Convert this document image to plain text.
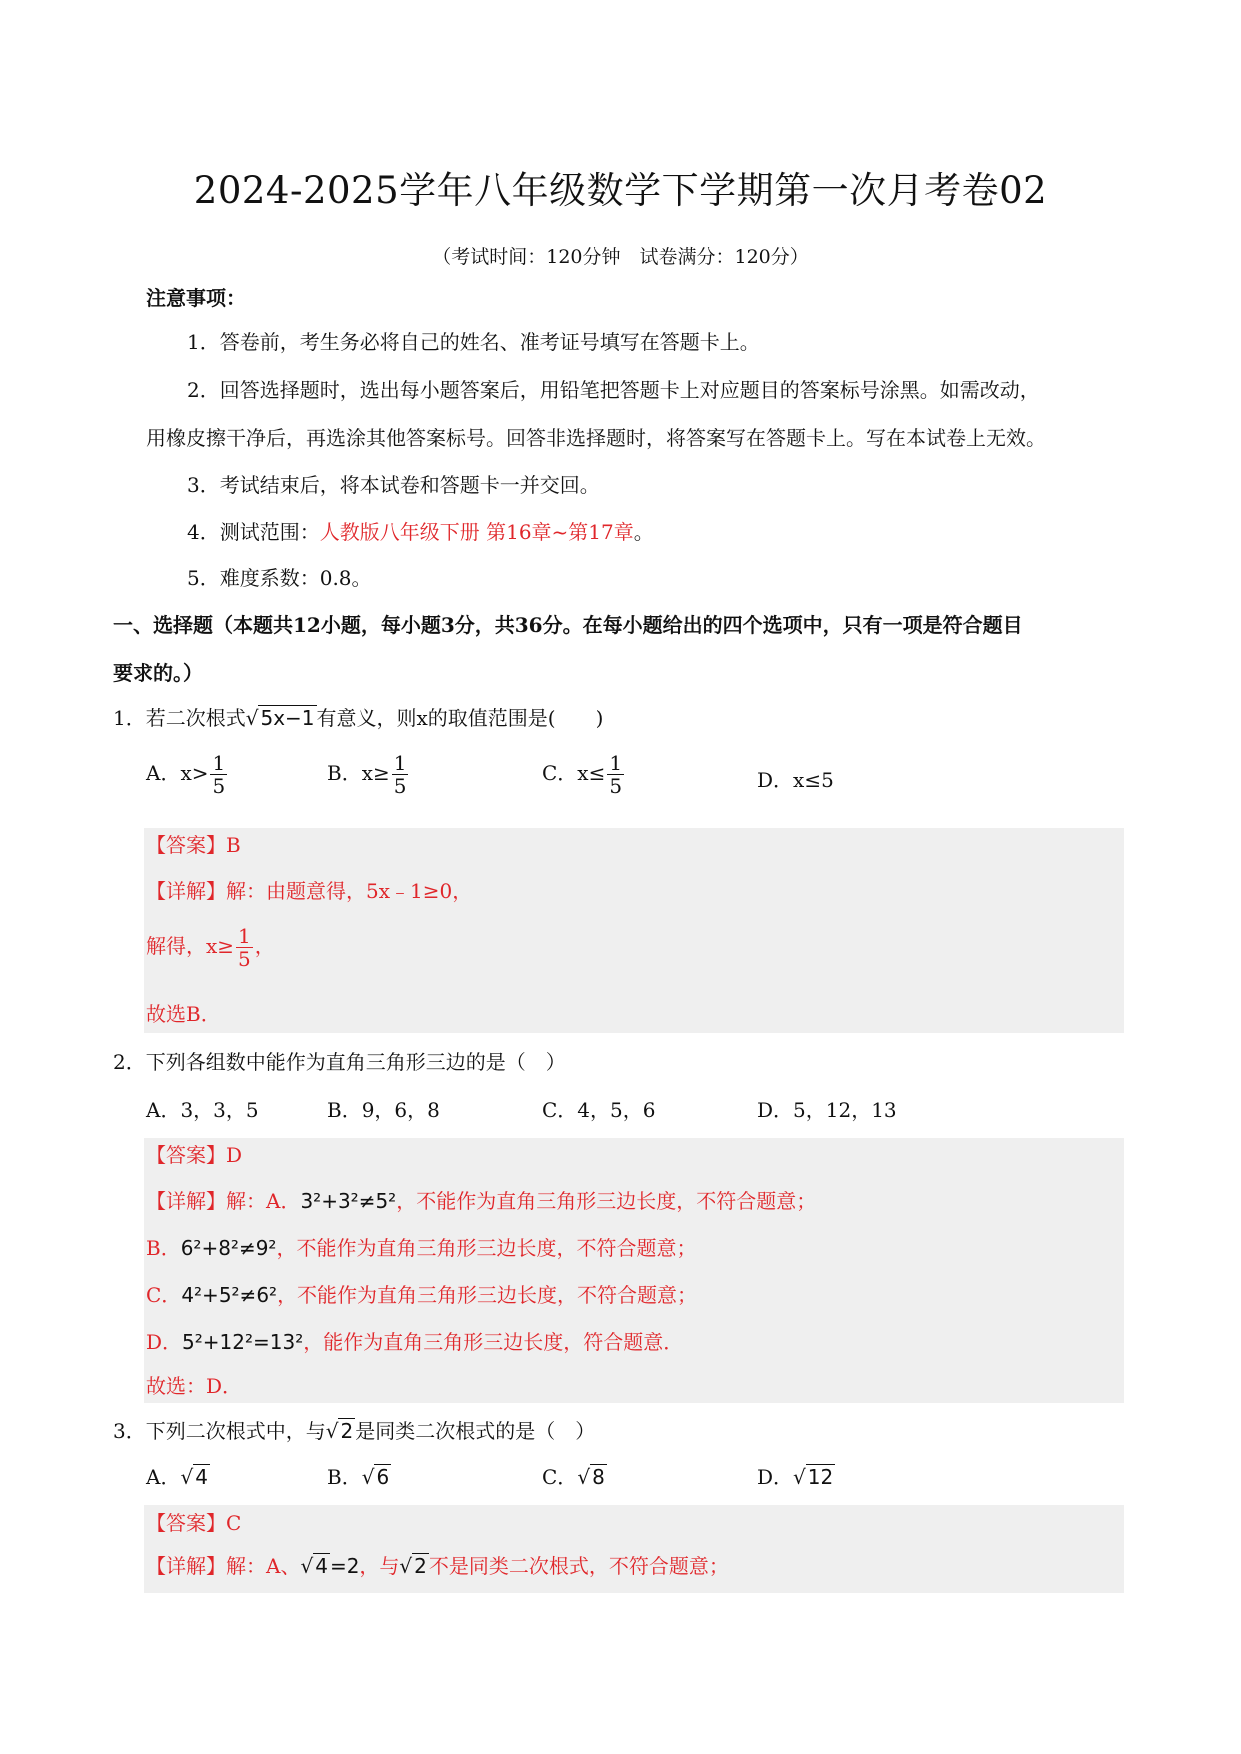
2024-2025学年八年级数学下学期第一次月考卷02
（考试时间：120分钟　试卷满分：120分）
注意事项：
1．答卷前，考生务必将自己的姓名、准考证号填写在答题卡上。
2．回答选择题时，选出每小题答案后，用铅笔把答题卡上对应题目的答案标号涂黑。如需改动，
用橡皮擦干净后，再选涂其他答案标号。回答非选择题时，将答案写在答题卡上。写在本试卷上无效。
3．考试结束后，将本试卷和答题卡一并交回。
4．测试范围：人教版八年级下册 第16章~第17章。
5．难度系数：0.8。
一、选择题（本题共12小题，每小题3分，共36分。在每小题给出的四个选项中，只有一项是符合题目
要求的。）
1．若二次根式√ 5x−1 有意义，则x的取值范围是(　　)
A．$x> \frac{1}{5}$	B．$x\ge \frac{1}{5}$	C．$x\le \frac{1}{5}$	D．x≤5
【答案】B
【详解】解：由题意得，5x﹣1≥0，
解得，$x\ge \frac{1}{5}$ ，
故选B．
2．下列各组数中能作为直角三角形三边的是（　）
A．3，3，5	B．9，6，8	C．4，5，6	D．5，12，13
【答案】D
【详解】解：A．3²+3²≠5²，不能作为直角三角形三边长度，不符合题意；
B．6²+8²≠9²，不能作为直角三角形三边长度，不符合题意；
C．4²+5²≠6²，不能作为直角三角形三边长度，不符合题意；
D．5²+12²=13²，能作为直角三角形三边长度，符合题意．
故选：D．
3．下列二次根式中，与√ 2 是同类二次根式的是（　）
A．√ 4	B．√ 6	C．√ 8	D．√ 12
【答案】C
【详解】解：A、√ 4 =2，与√ 2 不是同类二次根式，不符合题意；
